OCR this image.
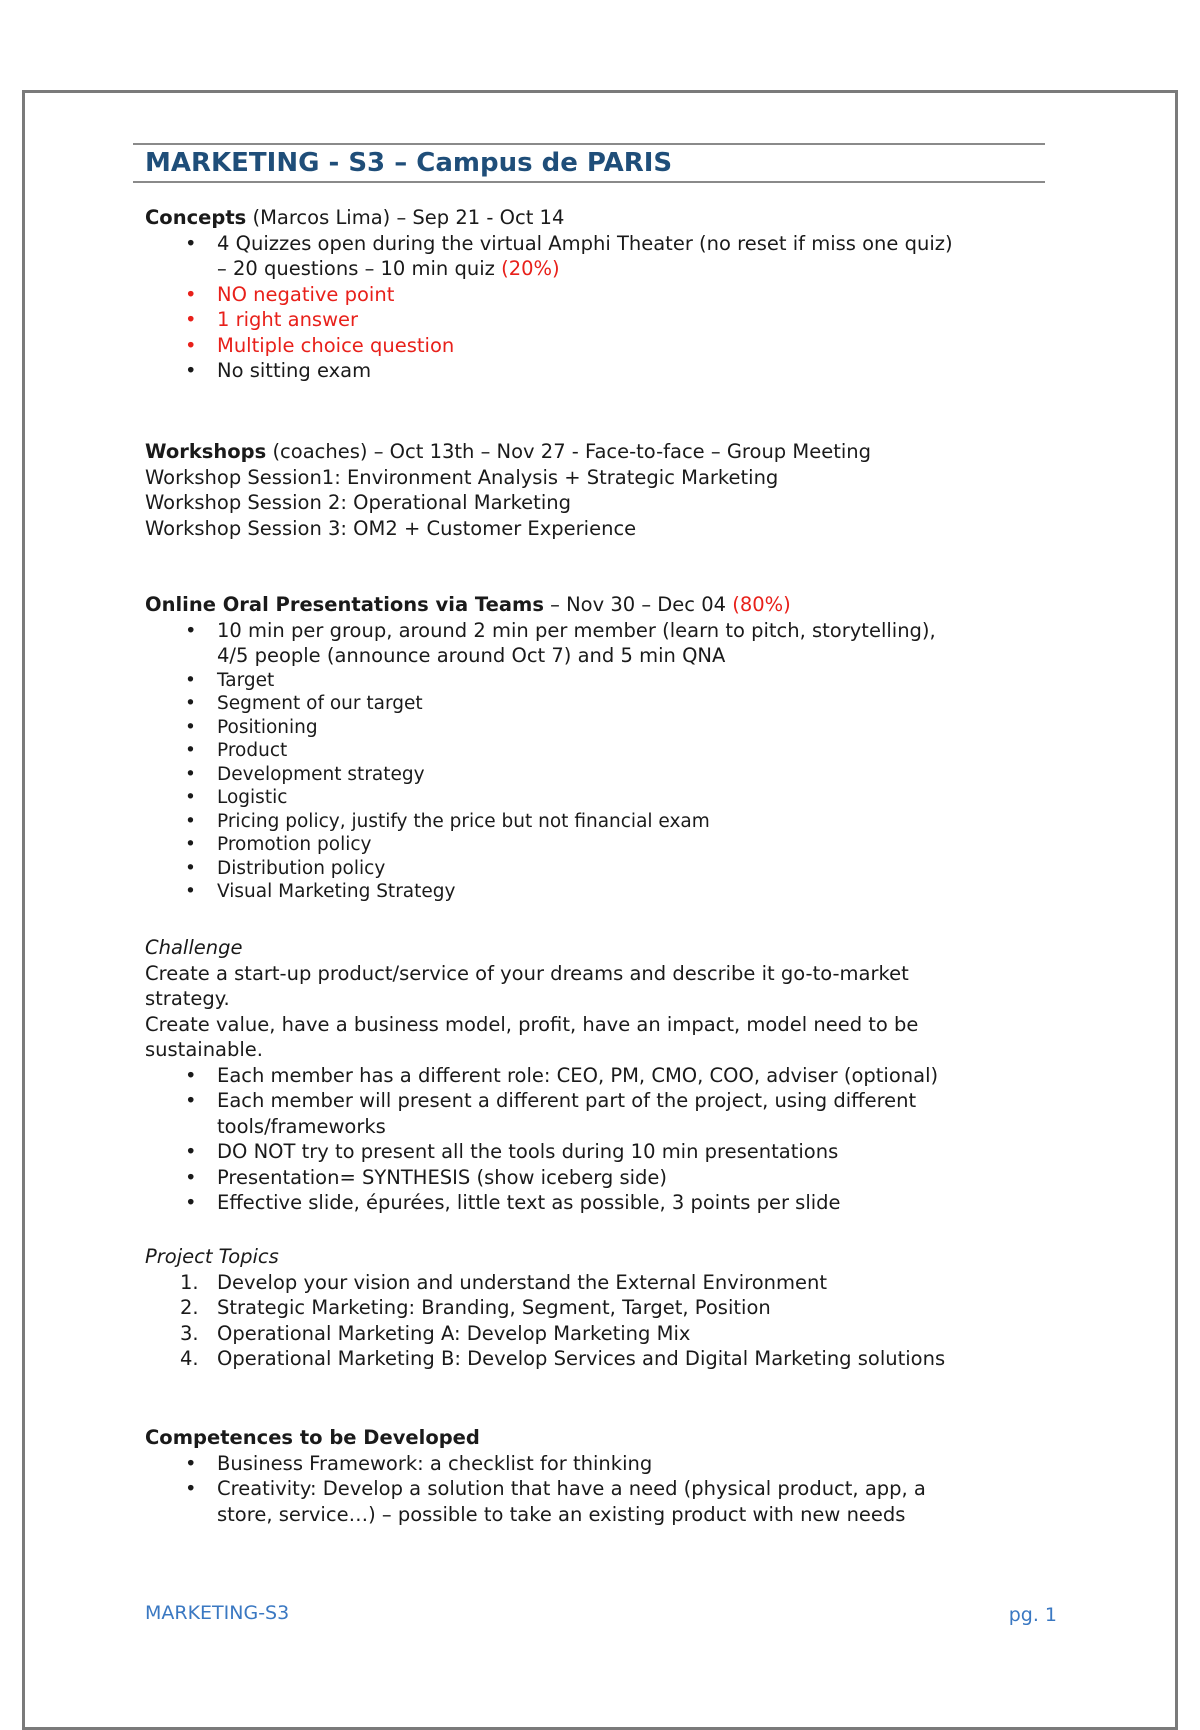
MARKETING - S3 – Campus de PARIS
Concepts (Marcos Lima) – Sep 21 - Oct 14
• 4 Quizzes open during the virtual Amphi Theater (no reset if miss one quiz)
– 20 questions – 10 min quiz (20%)
• NO negative point
• 1 right answer
• Multiple choice question
• No sitting exam
Workshops (coaches) – Oct 13th – Nov 27 - Face-to-face – Group Meeting
Workshop Session1: Environment Analysis + Strategic Marketing
Workshop Session 2: Operational Marketing
Workshop Session 3: OM2 + Customer Experience
Online Oral Presentations via Teams – Nov 30 – Dec 04 (80%)
• 10 min per group, around 2 min per member (learn to pitch, storytelling),
4/5 people (announce around Oct 7) and 5 min QNA
• Target
• Segment of our target
• Positioning
• Product
• Development strategy
• Logistic
• Pricing policy, justify the price but not financial exam
• Promotion policy
• Distribution policy
• Visual Marketing Strategy
Challenge
Create a start-up product/service of your dreams and describe it go-to-market
strategy.
Create value, have a business model, profit, have an impact, model need to be
sustainable.
• Each member has a different role: CEO, PM, CMO, COO, adviser (optional)
• Each member will present a different part of the project, using different
tools/frameworks
• DO NOT try to present all the tools during 10 min presentations
• Presentation= SYNTHESIS (show iceberg side)
• Effective slide, épurées, little text as possible, 3 points per slide
Project Topics
1. Develop your vision and understand the External Environment
2. Strategic Marketing: Branding, Segment, Target, Position
3. Operational Marketing A: Develop Marketing Mix
4. Operational Marketing B: Develop Services and Digital Marketing solutions
Competences to be Developed
• Business Framework: a checklist for thinking
• Creativity: Develop a solution that have a need (physical product, app, a
store, service…) – possible to take an existing product with new needs
MARKETING-S3	pg. 1
